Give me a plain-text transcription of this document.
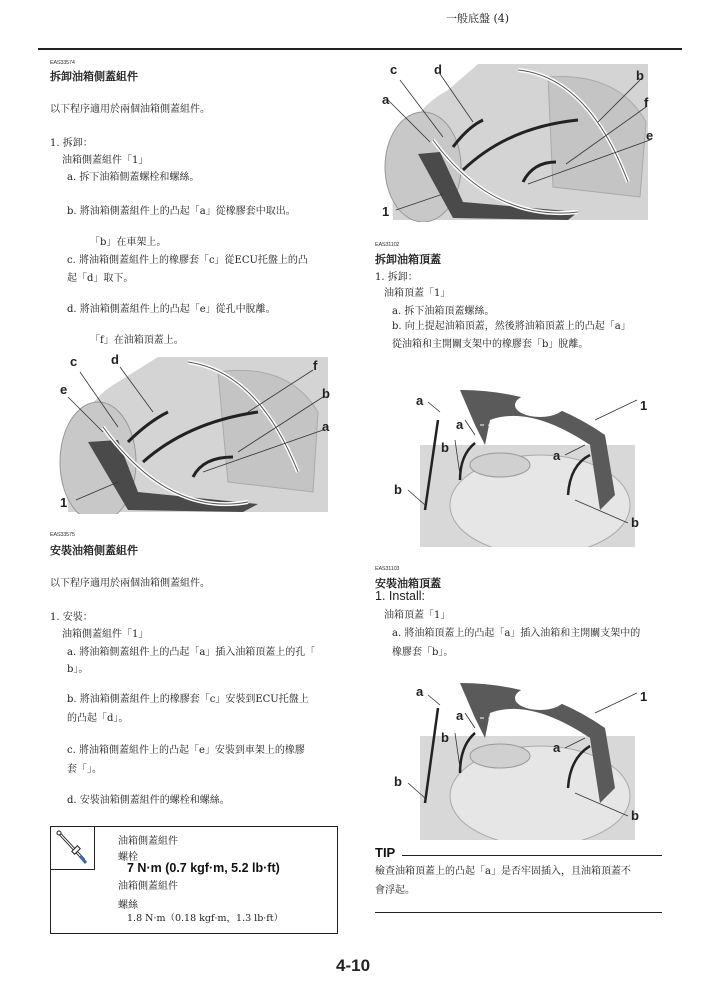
一般底盤 (4)
EAS33574
拆卸油箱側蓋組件
以下程序適用於兩個油箱側蓋組件。
1. 拆卸：
油箱側蓋組件「1」
a. 拆下油箱側蓋螺栓和螺絲。
b. 將油箱側蓋組件上的凸起「a」從橡膠套中取出。
「b」在車架上。
c. 將油箱側蓋組件上的橡膠套「c」從ECU托盤上的凸
起「d」取下。
d. 將油箱側蓋組件上的凸起「e」從孔中脫離。
「f」在油箱頂蓋上。
c	d	f
e	b
a
1
EAS33575
安裝油箱側蓋組件
以下程序適用於兩個油箱側蓋組件。
1. 安裝：
油箱側蓋組件「1」
a. 將油箱側蓋組件上的凸起「a」插入油箱頂蓋上的孔「
b」。
b. 將油箱側蓋組件上的橡膠套「c」安裝到ECU托盤上
的凸起「d」。
c. 將油箱側蓋組件上的凸起「e」安裝到車架上的橡膠
套「」。
d. 安裝油箱側蓋組件的螺栓和螺絲。
油箱側蓋組件
螺栓
7 N·m (0.7 kgf·m, 5.2 lb·ft)
油箱側蓋組件
螺絲
1.8 N·m（0.18 kgf·m，1.3 lb·ft）
c	d	b
a	f
e
1
EAS31102
拆卸油箱頂蓋
1. 拆卸：
油箱頂蓋「1」
a. 拆下油箱頂蓋螺絲。
b. 向上提起油箱頂蓋，然後將油箱頂蓋上的凸起「a」
從油箱和主開關支架中的橡膠套「b」脫離。
a	1
a
b
a
b
b
EAS31103
安裝油箱頂蓋
1. Install:
油箱頂蓋「1」
a. 將油箱頂蓋上的凸起「a」插入油箱和主開關支架中的
橡膠套「b」。
a	1
a
b
a
b
b
TIP
檢查油箱頂蓋上的凸起「a」是否牢固插入，且油箱頂蓋不
會浮起。
4-10
